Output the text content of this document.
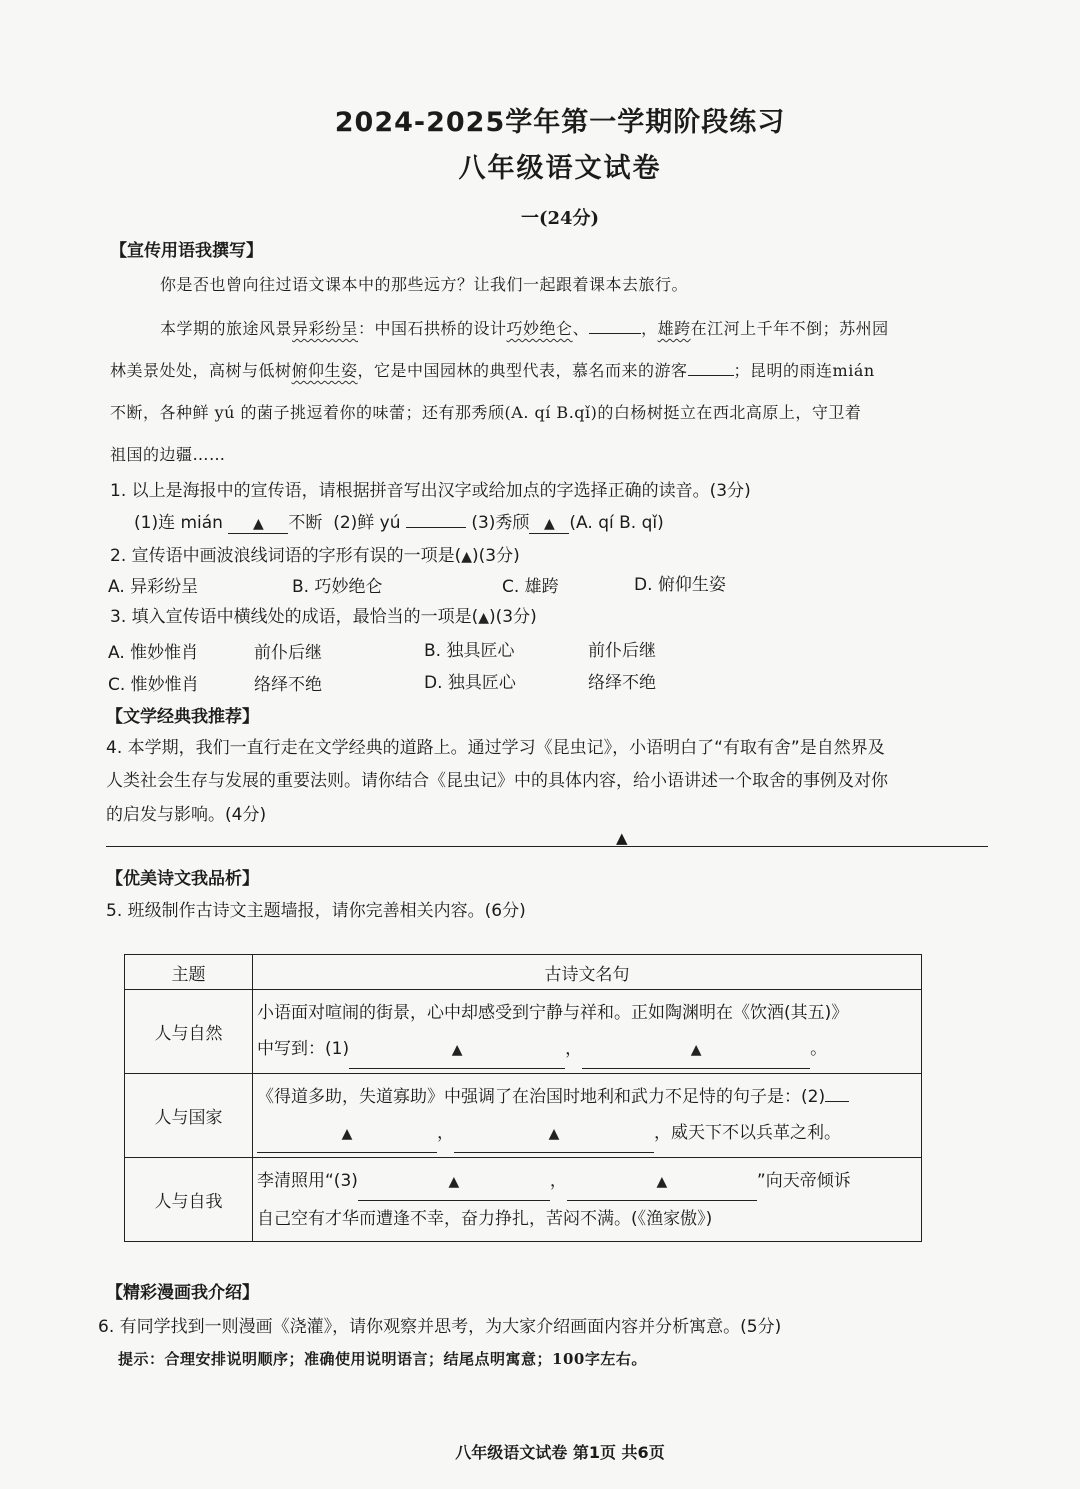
2024-2025学年第一学期阶段练习
八年级语文试卷
一(24分)
【宣传用语我撰写】
你是否也曾向往过语文课本中的那些远方？让我们一起跟着课本去旅行。
本学期的旅途风景异彩纷呈：中国石拱桥的设计巧妙绝仑、	，雄跨在江河上千年不倒；苏州园
林美景处处，高树与低树俯仰生姿，它是中国园林的典型代表，慕名而来的游客	；昆明的雨连mián
不断，各种鲜 yú 的菌子挑逗着你的味蕾；还有那秀颀(A. qí B.qǐ)的白杨树挺立在西北高原上，守卫着
祖国的边疆……
1. 以上是海报中的宣传语，请根据拼音写出汉字或给加点的字选择正确的读音。(3分)
(1)连 mián ▲ 不断 (2)鲜 yú	(3)秀颀 ▲ (A. qí B. qǐ)
2. 宣传语中画波浪线词语的字形有误的一项是(▲)(3分)
A. 异彩纷呈	B. 巧妙绝仑	C. 雄跨	D. 俯仰生姿
3. 填入宣传语中横线处的成语，最恰当的一项是(▲)(3分)
A. 惟妙惟肖	前仆后继	B. 独具匠心	前仆后继
C. 惟妙惟肖	络绎不绝	D. 独具匠心	络绎不绝
【文学经典我推荐】
4. 本学期，我们一直行走在文学经典的道路上。通过学习《昆虫记》，小语明白了“有取有舍”是自然界及
人类社会生存与发展的重要法则。请你结合《昆虫记》中的具体内容，给小语讲述一个取舍的事例及对你
的启发与影响。(4分)
▲
【优美诗文我品析】
5. 班级制作古诗文主题墙报，请你完善相关内容。(6分)
主题	古诗文名句
人与自然	小语面对喧闹的街景，心中却感受到宁静与祥和。正如陶渊明在《饮酒(其五)》
中写到：(1) ▲ ， ▲ 。

人与国家	《得道多助，失道寡助》中强调了在治国时地利和武力不足恃的句子是：(2)
▲ ， ▲ ，威天下不以兵革之利。

人与自我	李清照用“(3) ▲ ， ▲ ”向天帝倾诉
自己空有才华而遭逢不幸，奋力挣扎，苦闷不满。(《渔家傲》)
【精彩漫画我介绍】
6. 有同学找到一则漫画《浇灌》，请你观察并思考，为大家介绍画面内容并分析寓意。(5分)
提示：合理安排说明顺序；准确使用说明语言；结尾点明寓意；100字左右。
八年级语文试卷 第1页 共6页
